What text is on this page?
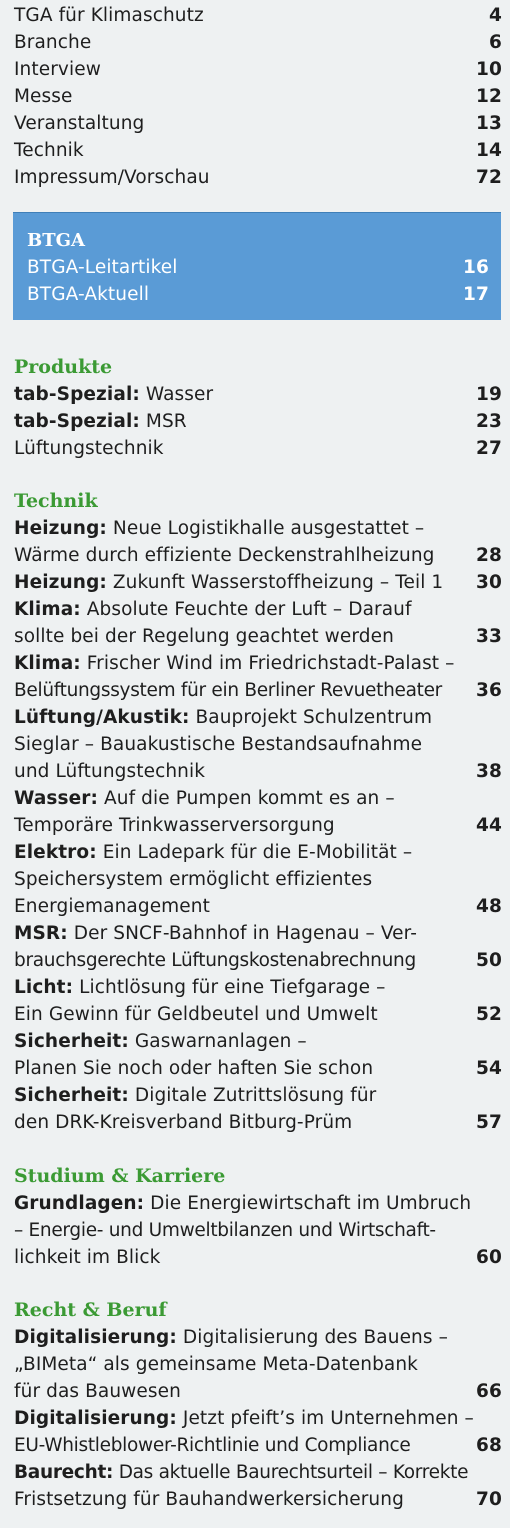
TGA für Klimaschutz	4
Branche	6
Interview	10
Messe	12
Veranstaltung	13
Technik	14
Impressum/Vorschau	72
BTGA
BTGA-Leitartikel	16
BTGA-Aktuell	17
Produkte
tab-Spezial: Wasser	19
tab-Spezial: MSR	23
Lüftungstechnik	27
Technik
Heizung: Neue Logistikhalle ausgestattet –
Wärme durch effiziente Deckenstrahlheizung	28
Heizung: Zukunft Wasserstoffheizung – Teil 1	30
Klima: Absolute Feuchte der Luft – Darauf
sollte bei der Regelung geachtet werden	33
Klima: Frischer Wind im Friedrichstadt-Palast –
Belüftungssystem für ein Berliner Revuetheater	36
Lüftung/Akustik: Bauprojekt Schulzentrum
Sieglar – Bauakustische Bestandsaufnahme
und Lüftungstechnik	38
Wasser: Auf die Pumpen kommt es an –
Temporäre Trinkwasserversorgung	44
Elektro: Ein Ladepark für die E-Mobilität –
Speichersystem ermöglicht effizientes
Energiemanagement	48
MSR: Der SNCF-Bahnhof in Hagenau – Ver-
brauchsgerechte Lüftungskostenabrechnung	50
Licht: Lichtlösung für eine Tiefgarage –
Ein Gewinn für Geldbeutel und Umwelt	52
Sicherheit: Gaswarnanlagen –
Planen Sie noch oder haften Sie schon	54
Sicherheit: Digitale Zutrittslösung für
den DRK-Kreisverband Bitburg-Prüm	57
Studium & Karriere
Grundlagen: Die Energiewirtschaft im Umbruch
– Energie- und Umweltbilanzen und Wirtschaft-
lichkeit im Blick	60
Recht & Beruf
Digitalisierung: Digitalisierung des Bauens –
„BIMeta“ als gemeinsame Meta-Datenbank
für das Bauwesen	66
Digitalisierung: Jetzt pfeift’s im Unternehmen –
EU-Whistleblower-Richtlinie und Compliance	68
Baurecht: Das aktuelle Baurechtsurteil – Korrekte
Fristsetzung für Bauhandwerkersicherung	70
